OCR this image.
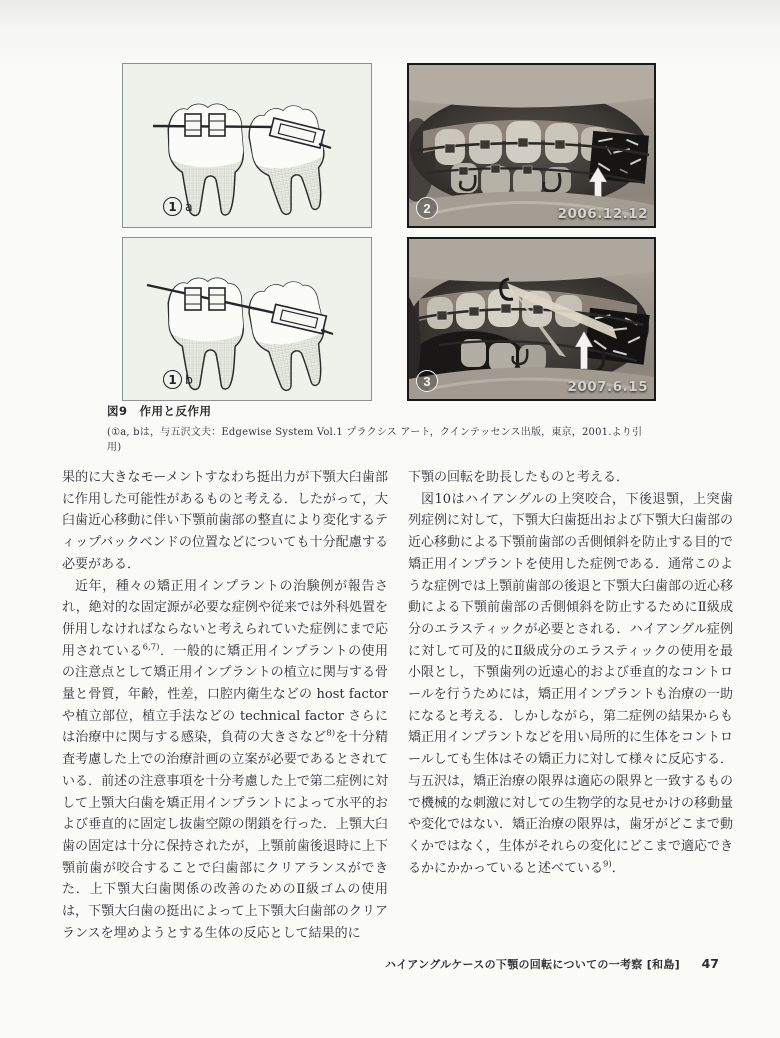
1 a
1 b
2	2006.12.12
3	2007.6.15
図9 作用と反作用
(①a, bは，与五沢文夫：Edgewise System Vol.1 プラクシス アート，クインテッセンス出版，東京，2001.より引用)

果的に大きなモーメントすなわち挺出力が下顎大臼歯部に作用した可能性があるものと考える．したがって，大臼歯近心移動に伴い下顎前歯部の整直により変化するティップバックベンドの位置などについても十分配慮する必要がある．

近年，種々の矯正用インプラントの治験例が報告され，絶対的な固定源が必要な症例や従来では外科処置を併用しなければならないと考えられていた症例にまで応用されている$^{6,7)}$．一般的に矯正用インプラントの使用の注意点として矯正用インプラントの植立に関与する骨量と骨質，年齢，性差，口腔内衛生などの host factor や植立部位，植立手法などの technical factor さらには治療中に関与する感染，負荷の大きさなど$^{8)}$を十分精査考慮した上での治療計画の立案が必要であるとされている．前述の注意事項を十分考慮した上で第二症例に対して上顎大臼歯を矯正用インプラントによって水平的および垂直的に固定し抜歯空隙の閉鎖を行った．上顎大臼歯の固定は十分に保持されたが，上顎前歯後退時に上下顎前歯が咬合することで臼歯部にクリアランスができた．上下顎大臼歯関係の改善のためのⅡ級ゴムの使用は，下顎大臼歯の挺出によって上下顎大臼歯部のクリアランスを埋めようとする生体の反応として結果的に

下顎の回転を助長したものと考える．

図10はハイアングルの上突咬合，下後退顎，上突歯列症例に対して，下顎大臼歯挺出および下顎大臼歯部の近心移動による下顎前歯部の舌側傾斜を防止する目的で矯正用インプラントを使用した症例である．通常このような症例では上顎前歯部の後退と下顎大臼歯部の近心移動による下顎前歯部の舌側傾斜を防止するためにⅡ級成分のエラスティックが必要とされる．ハイアングル症例に対して可及的にⅡ級成分のエラスティックの使用を最小限とし，下顎歯列の近遠心的および垂直的なコントロールを行うためには，矯正用インプラントも治療の一助になると考える．しかしながら，第二症例の結果からも矯正用インプラントなどを用い局所的に生体をコントロールしても生体はその矯正力に対して様々に反応する．与五沢は，矯正治療の限界は適応の限界と一致するもので機械的な刺激に対しての生物学的な見せかけの移動量や変化ではない．矯正治療の限界は，歯牙がどこまで動くかではなく，生体がそれらの変化にどこまで適応できるかにかかっていると述べている$^{9)}$．

ハイアングルケースの下顎の回転についての一考察 [和島] 47
